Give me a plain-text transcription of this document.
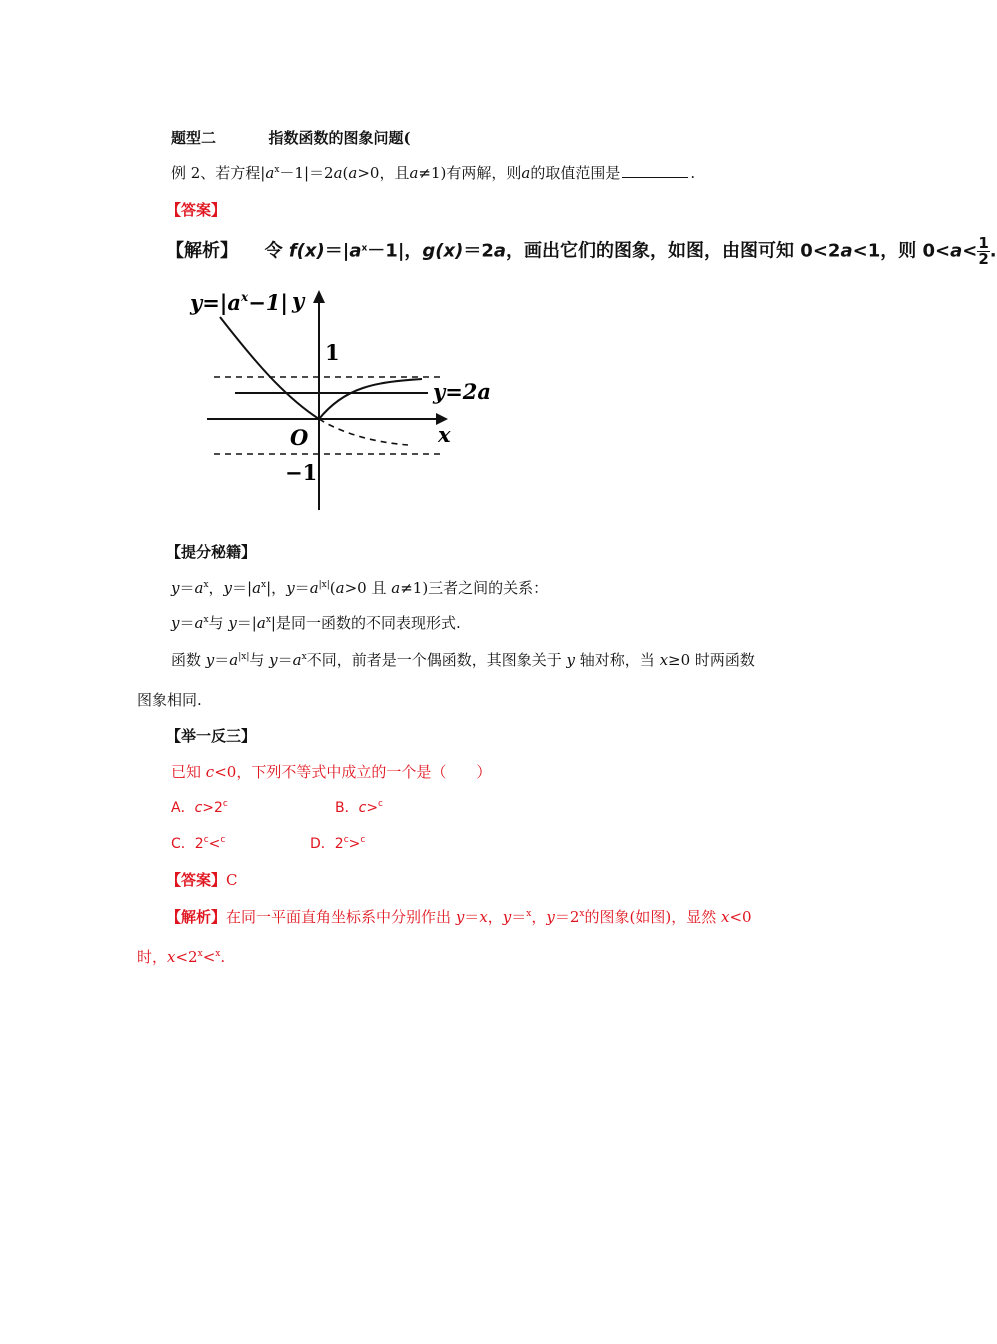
题型二	指数函数的图象问题(
例 2、若方程$|a^x-1|=2a(a>0$，且a≠1)有两解，则a的取值范围是	.
【答案】
【解析】 令 $f(x)=|a^x-1|$，g(x)＝2a，画出它们的图象，如图，由图可知 0<2a<1，则 $0<a< \frac{1}{2}$ .
$y=|a^x-1|$ y
x
1
O
−1
y=2a
【提分秘籍】
$y=a^x$，$y=|a^x|$，$y=a^{|x|}(a>0$ 且 a≠1)三者之间的关系：
$y=a^x$与 $y=|a^x|$是同一函数的不同表现形式.
函数 $y=a^{|x|}$与 $y=a^x$不同，前者是一个偶函数，其图象关于 y 轴对称，当 x≥0 时两函数
图象相同.
【举一反三】
已知 c<0，下列不等式中成立的一个是（　　）
A．$c>2^c$	B．c>$^c$
C．$2^c<^c$	D．$2^c>^c$
【答案】C
【解析】在同一平面直角坐标系中分别作出 y＝x，y＝$^x$，$y=2^x$的图象(如图)，显然 x<0
时，$x<2^x<^x$.
